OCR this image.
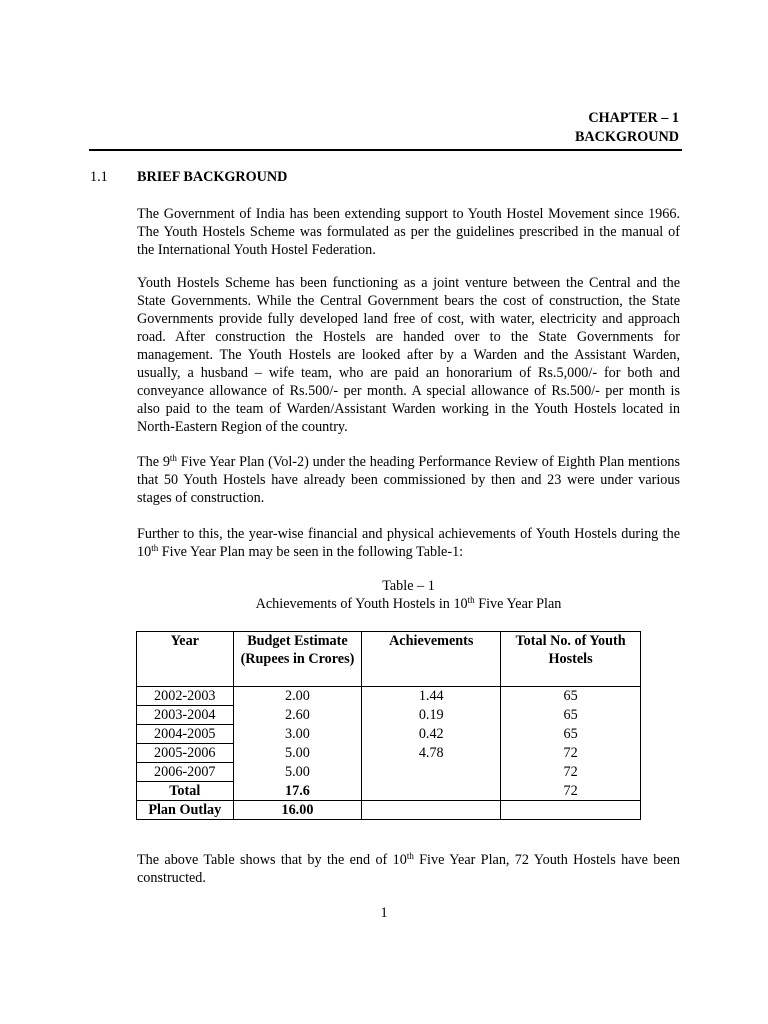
CHAPTER – 1
BACKGROUND
1.1 BRIEF BACKGROUND

The Government of India has been extending support to Youth Hostel Movement since 1966. The Youth Hostels Scheme was formulated as per the guidelines prescribed in the manual of the International Youth Hostel Federation.

Youth Hostels Scheme has been functioning as a joint venture between the Central and the State Governments. While the Central Government bears the cost of construction, the State Governments provide fully developed land free of cost, with water, electricity and approach road. After construction the Hostels are handed over to the State Governments for management. The Youth Hostels are looked after by a Warden and the Assistant Warden, usually, a husband – wife team, who are paid an honorarium of Rs.5,000/- for both and conveyance allowance of Rs.500/- per month. A special allowance of Rs.500/- per month is also paid to the team of Warden/Assistant Warden working in the Youth Hostels located in North-Eastern Region of the country.

The 9th Five Year Plan (Vol-2) under the heading Performance Review of Eighth Plan mentions that 50 Youth Hostels have already been commissioned by then and 23 were under various stages of construction.

Further to this, the year-wise financial and physical achievements of Youth Hostels during the 10th Five Year Plan may be seen in the following Table-1:

Table – 1
Achievements of Youth Hostels in 10th Five Year Plan
Year	Budget Estimate (Rupees in Crores)	Achievements	Total No. of Youth Hostels
2002-2003	2.00	1.44	65
2003-2004	2.60	0.19	65
2004-2005	3.00	0.42	65
2005-2006	5.00	4.78	72
2006-2007	5.00		72
Total	17.6		72
Plan Outlay	16.00		

The above Table shows that by the end of 10th Five Year Plan, 72 Youth Hostels have been constructed.

1
